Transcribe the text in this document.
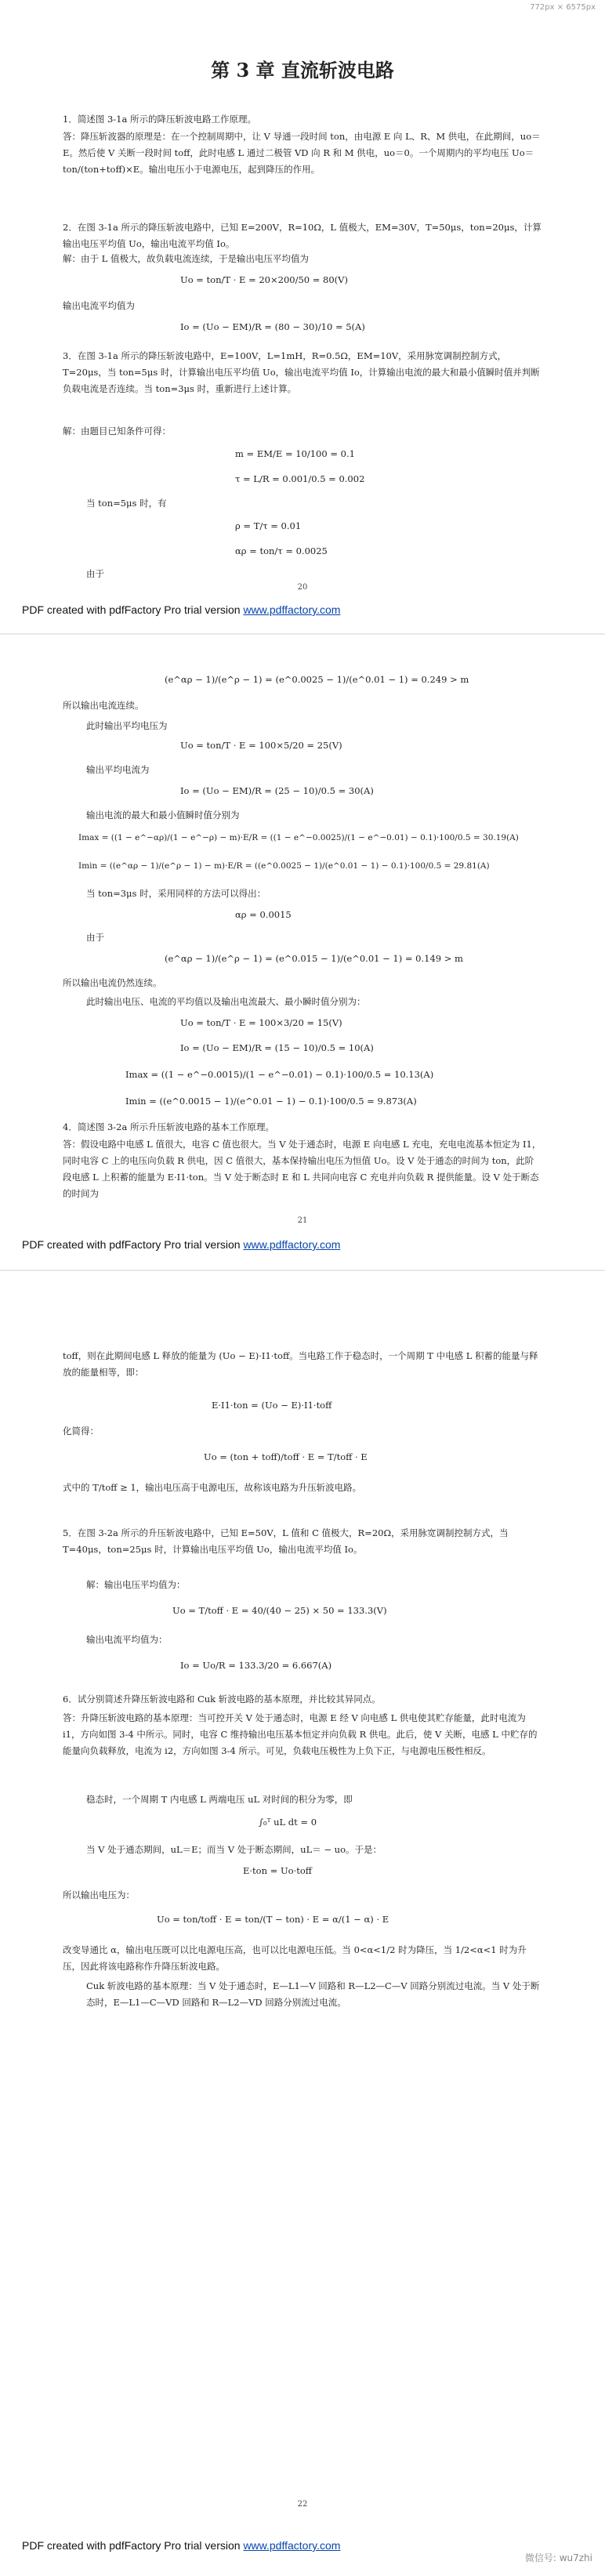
772px × 6575px
第 3 章 直流斩波电路

1．简述图 3-1a 所示的降压斩波电路工作原理。

答：降压斩波器的原理是：在一个控制周期中，让 V 导通一段时间 ton，由电源 E 向 L、R、M 供电，在此期间，uo＝E。然后使 V 关断一段时间 toff，此时电感 L 通过二极管 VD 向 R 和 M 供电，uo＝0。一个周期内的平均电压 Uo＝ton/(ton+toff)×E。输出电压小于电源电压，起到降压的作用。

2．在图 3-1a 所示的降压斩波电路中，已知 E=200V，R=10Ω，L 值极大，EM=30V，T=50μs，ton=20μs，计算输出电压平均值 Uo，输出电流平均值 Io。

解：由于 L 值极大，故负载电流连续，于是输出电压平均值为

Uo = ton/T · E = 20×200/50 = 80(V)

输出电流平均值为

Io = (Uo − EM)/R = (80 − 30)/10 = 5(A)

3．在图 3-1a 所示的降压斩波电路中，E=100V，L=1mH，R=0.5Ω，EM=10V，采用脉宽调制控制方式，T=20μs，当 ton=5μs 时，计算输出电压平均值 Uo，输出电流平均值 Io，计算输出电流的最大和最小值瞬时值并判断负载电流是否连续。当 ton=3μs 时，重新进行上述计算。

解：由题目已知条件可得：

m = EM/E = 10/100 = 0.1

τ = L/R = 0.001/0.5 = 0.002

当 ton=5μs 时，有

ρ = T/τ = 0.01

αρ = ton/τ = 0.0025

由于

20

PDF created with pdfFactory Pro trial version www.pdffactory.com

(e^αρ − 1)/(e^ρ − 1) = (e^0.0025 − 1)/(e^0.01 − 1) = 0.249 > m

所以输出电流连续。

此时输出平均电压为

Uo = ton/T · E = 100×5/20 = 25(V)

输出平均电流为

Io = (Uo − EM)/R = (25 − 10)/0.5 = 30(A)

输出电流的最大和最小值瞬时值分别为

Imax = ((1 − e^−αρ)/(1 − e^−ρ) − m)·E/R = ((1 − e^−0.0025)/(1 − e^−0.01) − 0.1)·100/0.5 = 30.19(A)

Imin = ((e^αρ − 1)/(e^ρ − 1) − m)·E/R = ((e^0.0025 − 1)/(e^0.01 − 1) − 0.1)·100/0.5 = 29.81(A)

当 ton=3μs 时，采用同样的方法可以得出：

αρ = 0.0015

由于

(e^αρ − 1)/(e^ρ − 1) = (e^0.015 − 1)/(e^0.01 − 1) = 0.149 > m

所以输出电流仍然连续。

此时输出电压、电流的平均值以及输出电流最大、最小瞬时值分别为：

Uo = ton/T · E = 100×3/20 = 15(V)

Io = (Uo − EM)/R = (15 − 10)/0.5 = 10(A)

Imax = ((1 − e^−0.0015)/(1 − e^−0.01) − 0.1)·100/0.5 = 10.13(A)

Imin = ((e^0.0015 − 1)/(e^0.01 − 1) − 0.1)·100/0.5 = 9.873(A)

4．简述图 3-2a 所示升压斩波电路的基本工作原理。

答：假设电路中电感 L 值很大，电容 C 值也很大。当 V 处于通态时，电源 E 向电感 L 充电，充电电流基本恒定为 I1，同时电容 C 上的电压向负载 R 供电，因 C 值很大，基本保持输出电压为恒值 Uo。设 V 处于通态的时间为 ton，此阶段电感 L 上积蓄的能量为 E·I1·ton。当 V 处于断态时 E 和 L 共同向电容 C 充电并向负载 R 提供能量。设 V 处于断态的时间为

21

PDF created with pdfFactory Pro trial version www.pdffactory.com

toff，则在此期间电感 L 释放的能量为 (Uo − E)·I1·toff。当电路工作于稳态时，一个周期 T 中电感 L 积蓄的能量与释放的能量相等，即：

E·I1·ton = (Uo − E)·I1·toff

化简得：

Uo = (ton + toff)/toff · E = T/toff · E

式中的 T/toff ≥ 1，输出电压高于电源电压，故称该电路为升压斩波电路。

5．在图 3-2a 所示的升压斩波电路中，已知 E=50V，L 值和 C 值极大，R=20Ω，采用脉宽调制控制方式，当 T=40μs，ton=25μs 时，计算输出电压平均值 Uo，输出电流平均值 Io。

解：输出电压平均值为：

Uo = T/toff · E = 40/(40 − 25) × 50 = 133.3(V)

输出电流平均值为：

Io = Uo/R = 133.3/20 = 6.667(A)

6．试分别简述升降压斩波电路和 Cuk 斩波电路的基本原理，并比较其异同点。

答：升降压斩波电路的基本原理：当可控开关 V 处于通态时，电源 E 经 V 向电感 L 供电使其贮存能量，此时电流为 i1，方向如图 3-4 中所示。同时，电容 C 维持输出电压基本恒定并向负载 R 供电。此后，使 V 关断，电感 L 中贮存的能量向负载释放，电流为 i2，方向如图 3-4 所示。可见，负载电压极性为上负下正，与电源电压极性相反。

稳态时，一个周期 T 内电感 L 两端电压 uL 对时间的积分为零，即

∫₀ᵀ uL dt = 0

当 V 处于通态期间，uL＝E；而当 V 处于断态期间，uL＝ − uo。于是：

E·ton = Uo·toff

所以输出电压为：

Uo = ton/toff · E = ton/(T − ton) · E = α/(1 − α) · E

改变导通比 α，输出电压既可以比电源电压高，也可以比电源电压低。当 0<α<1/2 时为降压，当 1/2<α<1 时为升压，因此将该电路称作升降压斩波电路。

Cuk 斩波电路的基本原理：当 V 处于通态时，E—L1—V 回路和 R—L2—C—V 回路分别流过电流。当 V 处于断态时，E—L1—C—VD 回路和 R—L2—VD 回路分别流过电流。

22

PDF created with pdfFactory Pro trial version www.pdffactory.com

微信号: wu7zhi
